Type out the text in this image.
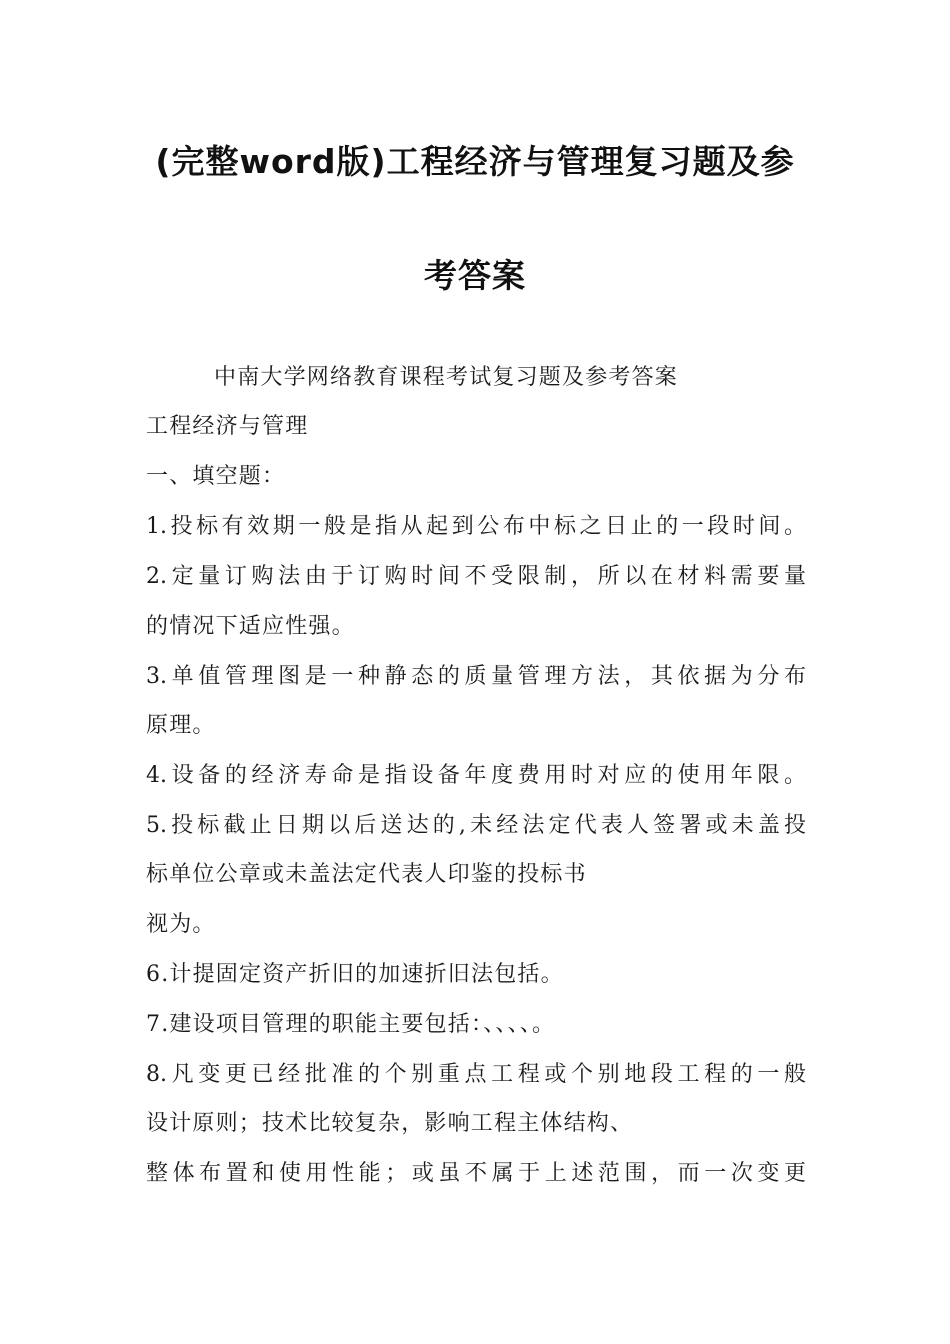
(完整word版)工程经济与管理复习题及参
考答案
中南大学网络教育课程考试复习题及参考答案
工程经济与管理
一、填空题：
1.投标有效期一般是指从起到公布中标之日止的一段时间。
2.定量订购法由于订购时间不受限制，所以在材料需要量
的情况下适应性强。
3.单值管理图是一种静态的质量管理方法，其依据为分布
原理。
4.设备的经济寿命是指设备年度费用时对应的使用年限。
5.投标截止日期以后送达的,未经法定代表人签署或未盖投
标单位公章或未盖法定代表人印鉴的投标书
视为。
6.计提固定资产折旧的加速折旧法包括。
7.建设项目管理的职能主要包括：、、、、。
8.凡变更已经批准的个别重点工程或个别地段工程的一般
设计原则；技术比较复杂，影响工程主体结构、
整体布置和使用性能；或虽不属于上述范围，而一次变更
